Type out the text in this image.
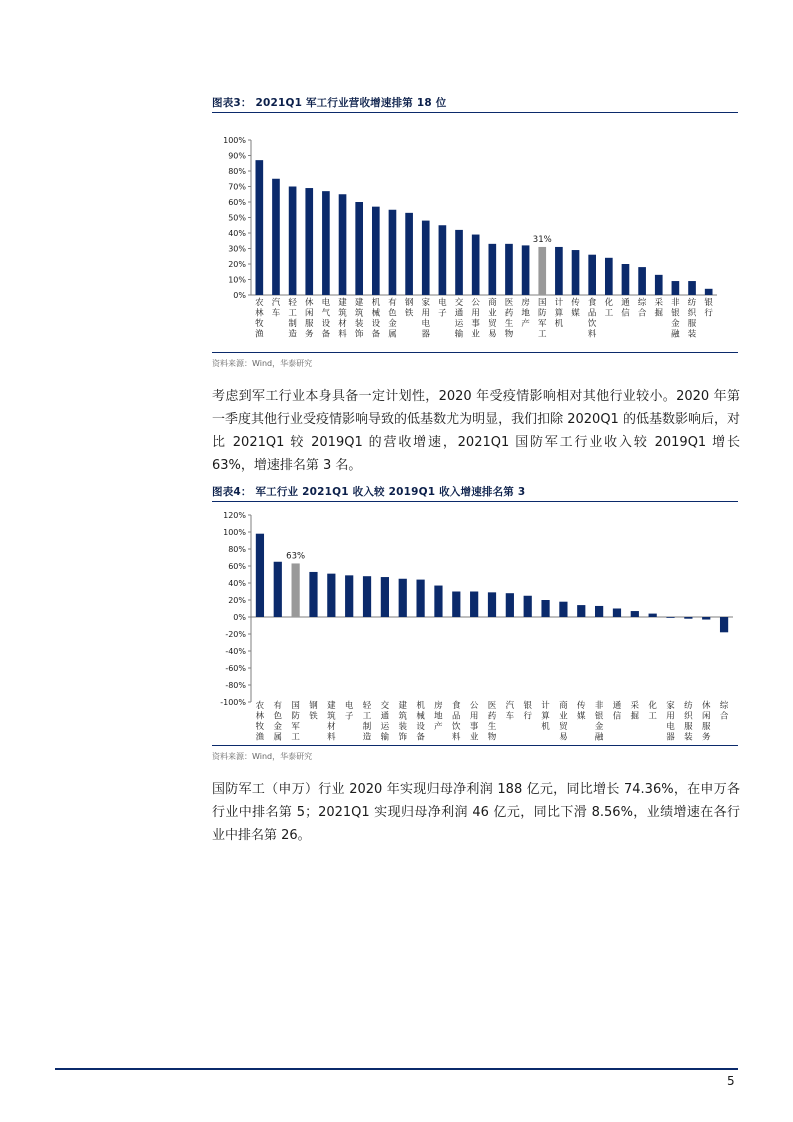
图表3： 2021Q1 军工行业营收增速排第 18 位
0%
10%
20%
30%
40%
50%
60%
70%
80%
90%
100%
农林牧渔
汽车
轻工制造
休闲服务
电气设备
建筑材料
建筑装饰
机械设备
有色金属
钢铁
家用电器
电子
交通运输
公用事业
商业贸易
医药生物
房地产
31%
国防军工
计算机
传媒
食品饮料
化工
通信
综合
采掘
非银金融
纺织服装
银行
资料来源：Wind，华泰研究
考虑到军工行业本身具备一定计划性，2020 年受疫情影响相对其他行业较小。2020 年第一季度其他行业受疫情影响导致的低基数尤为明显，我们扣除 2020Q1 的低基数影响后，对比 2021Q1 较 2019Q1 的营收增速，2021Q1 国防军工行业收入较 2019Q1 增长 63%，增速排名第 3 名。
图表4： 军工行业 2021Q1 收入较 2019Q1 收入增速排名第 3
-100%
-80%
-60%
-40%
-20%
0%
20%
40%
60%
80%
100%
120%
农林牧渔
有色金属
63%
国防军工
钢铁
建筑材料
电子
轻工制造
交通运输
建筑装饰
机械设备
房地产
食品饮料
公用事业
医药生物
汽车
银行
计算机
商业贸易
传媒
非银金融
通信
采掘
化工
家用电器
纺织服装
休闲服务
综合
资料来源：Wind，华泰研究
国防军工（申万）行业 2020 年实现归母净利润 188 亿元，同比增长 74.36%，在申万各行业中排名第 5；2021Q1 实现归母净利润 46 亿元，同比下滑 8.56%，业绩增速在各行业中排名第 26。
5
